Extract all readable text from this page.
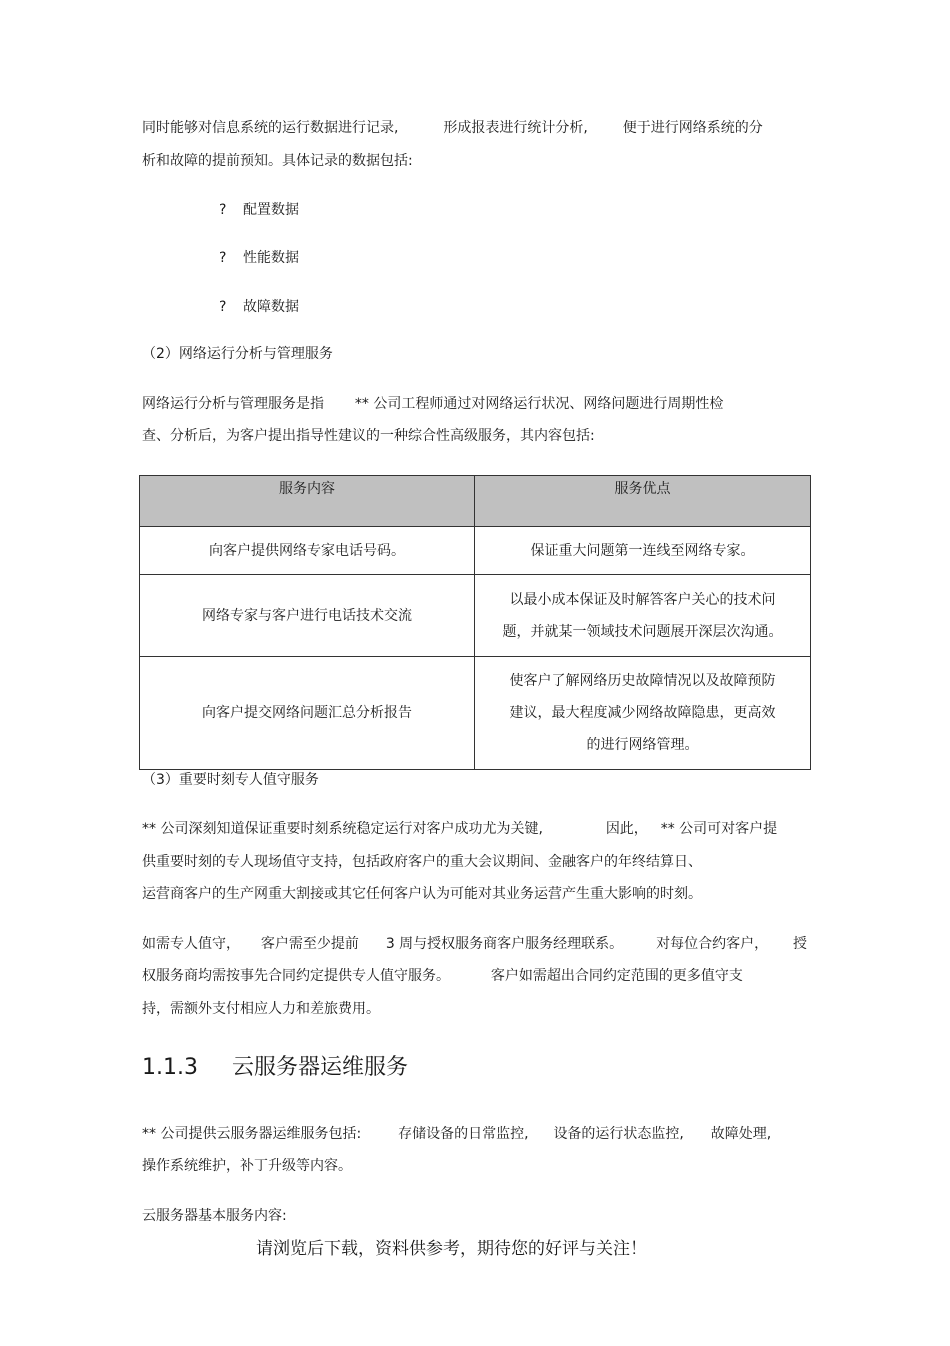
同时能够对信息系统的运行数据进行记录,	形成报表进行统计分析, 便于进行网络系统的分
析和故障的提前预知。具体记录的数据包括:
? 配置数据
? 性能数据
? 故障数据
（2）网络运行分析与管理服务
网络运行分析与管理服务是指 ** 公司工程师通过对网络运行状况、网络问题进行周期性检
查、分析后，为客户提出指导性建议的一种综合性高级服务，其内容包括:
服务内容	服务优点
向客户提供网络专家电话号码。	保证重大问题第一连线至网络专家。
网络专家与客户进行电话技术交流	以最小成本保证及时解答客户关心的技术问
题，并就某一领域技术问题展开深层次沟通。

向客户提交网络问题汇总分析报告	使客户了解网络历史故障情况以及故障预防
建议，最大程度减少网络故障隐患，更高效
的进行网络管理。
（3）重要时刻专人值守服务
** 公司深刻知道保证重要时刻系统稳定运行对客户成功尤为关键,	因此， ** 公司可对客户提
供重要时刻的专人现场值守支持，包括政府客户的重大会议期间、金融客户的年终结算日、
运营商客户的生产网重大割接或其它任何客户认为可能对其业务运营产生重大影响的时刻。
如需专人值守， 客户需至少提前 3 周与授权服务商客户服务经理联系。 对每位合约客户， 授
权服务商均需按事先合同约定提供专人值守服务。	客户如需超出合同约定范围的更多值守支
持，需额外支付相应人力和差旅费用。
1.1.3 云服务器运维服务
** 公司提供云服务器运维服务包括:	存储设备的日常监控, 设备的运行状态监控, 故障处理,
操作系统维护，补丁升级等内容。
云服务器基本服务内容:
请浏览后下载，资料供参考，期待您的好评与关注！
